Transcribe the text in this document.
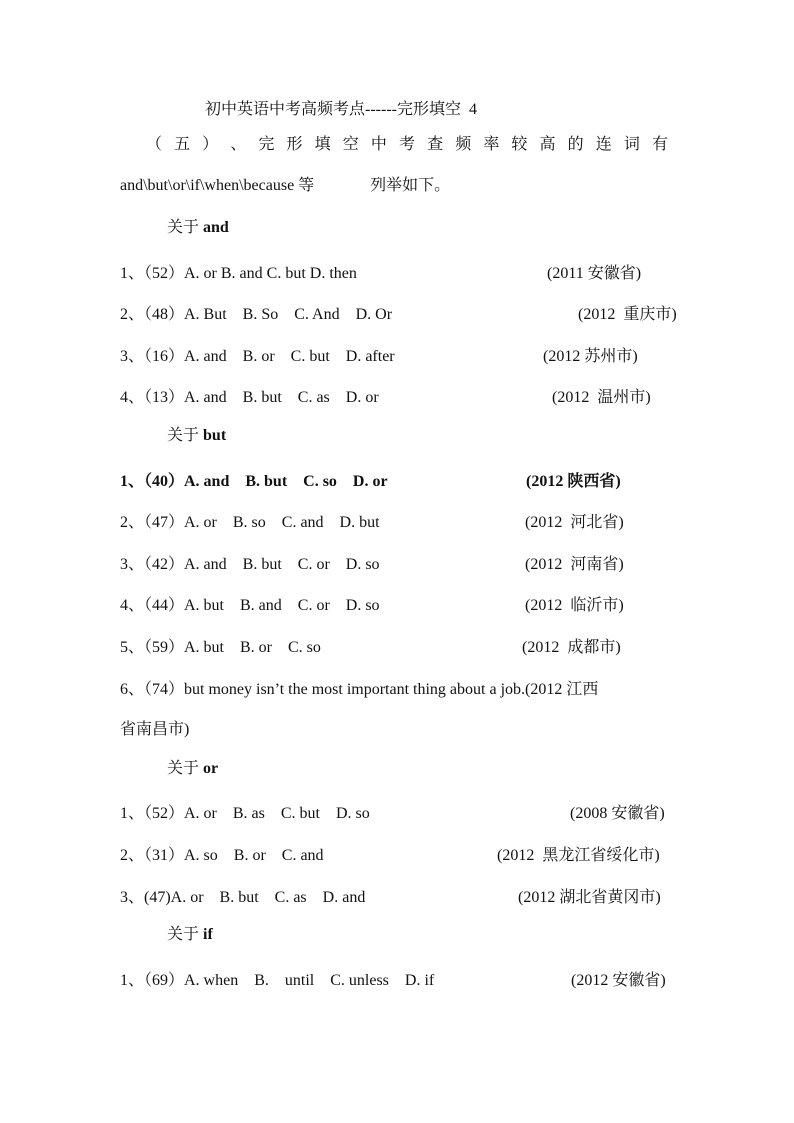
初中英语中考高频考点------完形填空  4
（ 五 ） 、 完 形 填 空 中 考 查 频 率 较 高 的 连 词 有
and\but\or\if\when\because 等	列举如下。
关于 and
1、（52）A. or B. and C. but D. then	(2011 安徽省)
2、（48）A. But    B. So    C. And    D. Or	(2012  重庆市)
3、（16）A. and    B. or    C. but    D. after	(2012 苏州市)
4、（13）A. and    B. but    C. as    D. or	(2012  温州市)
关于 but
1、（40）A. and    B. but    C. so    D. or	(2012 陕西省)
2、（47）A. or    B. so    C. and    D. but	(2012  河北省)
3、（42）A. and    B. but    C. or    D. so	(2012  河南省)
4、（44）A. but    B. and    C. or    D. so	(2012  临沂市)
5、（59）A. but    B. or    C. so	(2012  成都市)
6、（74）but money isn’t the most important thing about a job.(2012 江西
省南昌市)
关于 or
1、（52）A. or    B. as    C. but    D. so	(2008 安徽省)
2、（31）A. so    B. or    C. and	(2012  黑龙江省绥化市)
3、(47)A. or    B. but    C. as    D. and	(2012 湖北省黄冈市)
关于 if
1、（69）A. when    B.    until    C. unless    D. if	(2012 安徽省)
